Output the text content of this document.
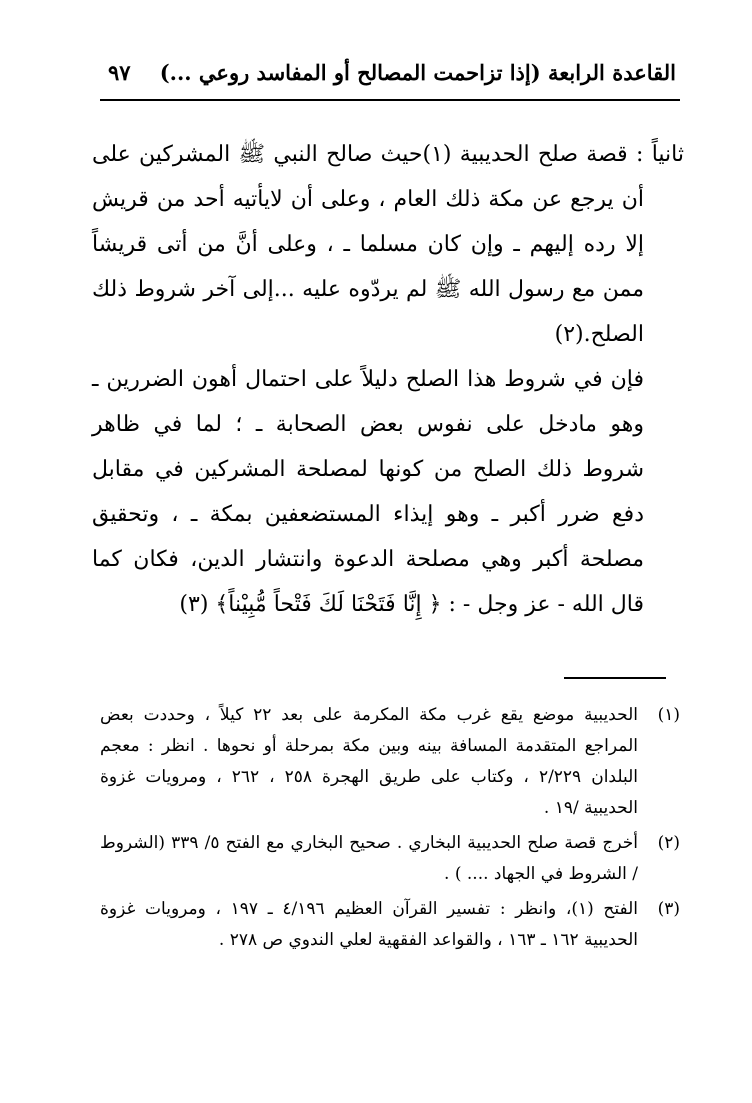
القاعدة الرابعة (إذا تزاحمت المصالح أو المفاسد روعي ...)
٩٧

ثانياً : قصة صلح الحديبية (١)حيث صالح النبي ﷺ المشركين على أن يرجع عن مكة ذلك العام ، وعلى أن لايأتيه أحد من قريش إلا رده إليهم ـ وإن كان مسلما ـ ، وعلى أنَّ من أتى قريشاً ممن مع رسول الله ﷺ لم يردّوه عليه ...إلى آخر شروط ذلك الصلح.(٢)

فإن في شروط هذا الصلح دليلاً على احتمال أهون الضررين ـ وهو مادخل على نفوس بعض الصحابة ـ ؛ لما في ظاهر شروط ذلك الصلح من كونها لمصلحة المشركين في مقابل دفع ضرر أكبر ـ وهو إيذاء المستضعفين بمكة ـ ، وتحقيق مصلحة أكبر وهي مصلحة الدعوة وانتشار الدين، فكان كما قال الله - عز وجل - : ﴿ إِنَّا فَتَحْنَا لَكَ فَتْحاً مُّبِيْناً﴾ (٣)

(١)
الحديبية موضع يقع غرب مكة المكرمة على بعد ٢٢ كيلاً ، وحددت بعض المراجع المتقدمة المسافة بينه وبين مكة بمرحلة أو نحوها . انظر : معجم البلدان ٢/٢٢٩ ، وكتاب على طريق الهجرة ٢٥٨ ، ٢٦٢ ، ومرويات غزوة الحديبية /١٩ .
(٢)
أخرج قصة صلح الحديبية البخاري . صحيح البخاري مع الفتح ٥/ ٣٣٩ (الشروط / الشروط في الجهاد .... ) .
(٣)
الفتح (١)، وانظر : تفسير القرآن العظيم ٤/١٩٦ ـ ١٩٧ ، ومرويات غزوة الحديبية ١٦٢ ـ ١٦٣ ، والقواعد الفقهية لعلي الندوي ص ٢٧٨ .
